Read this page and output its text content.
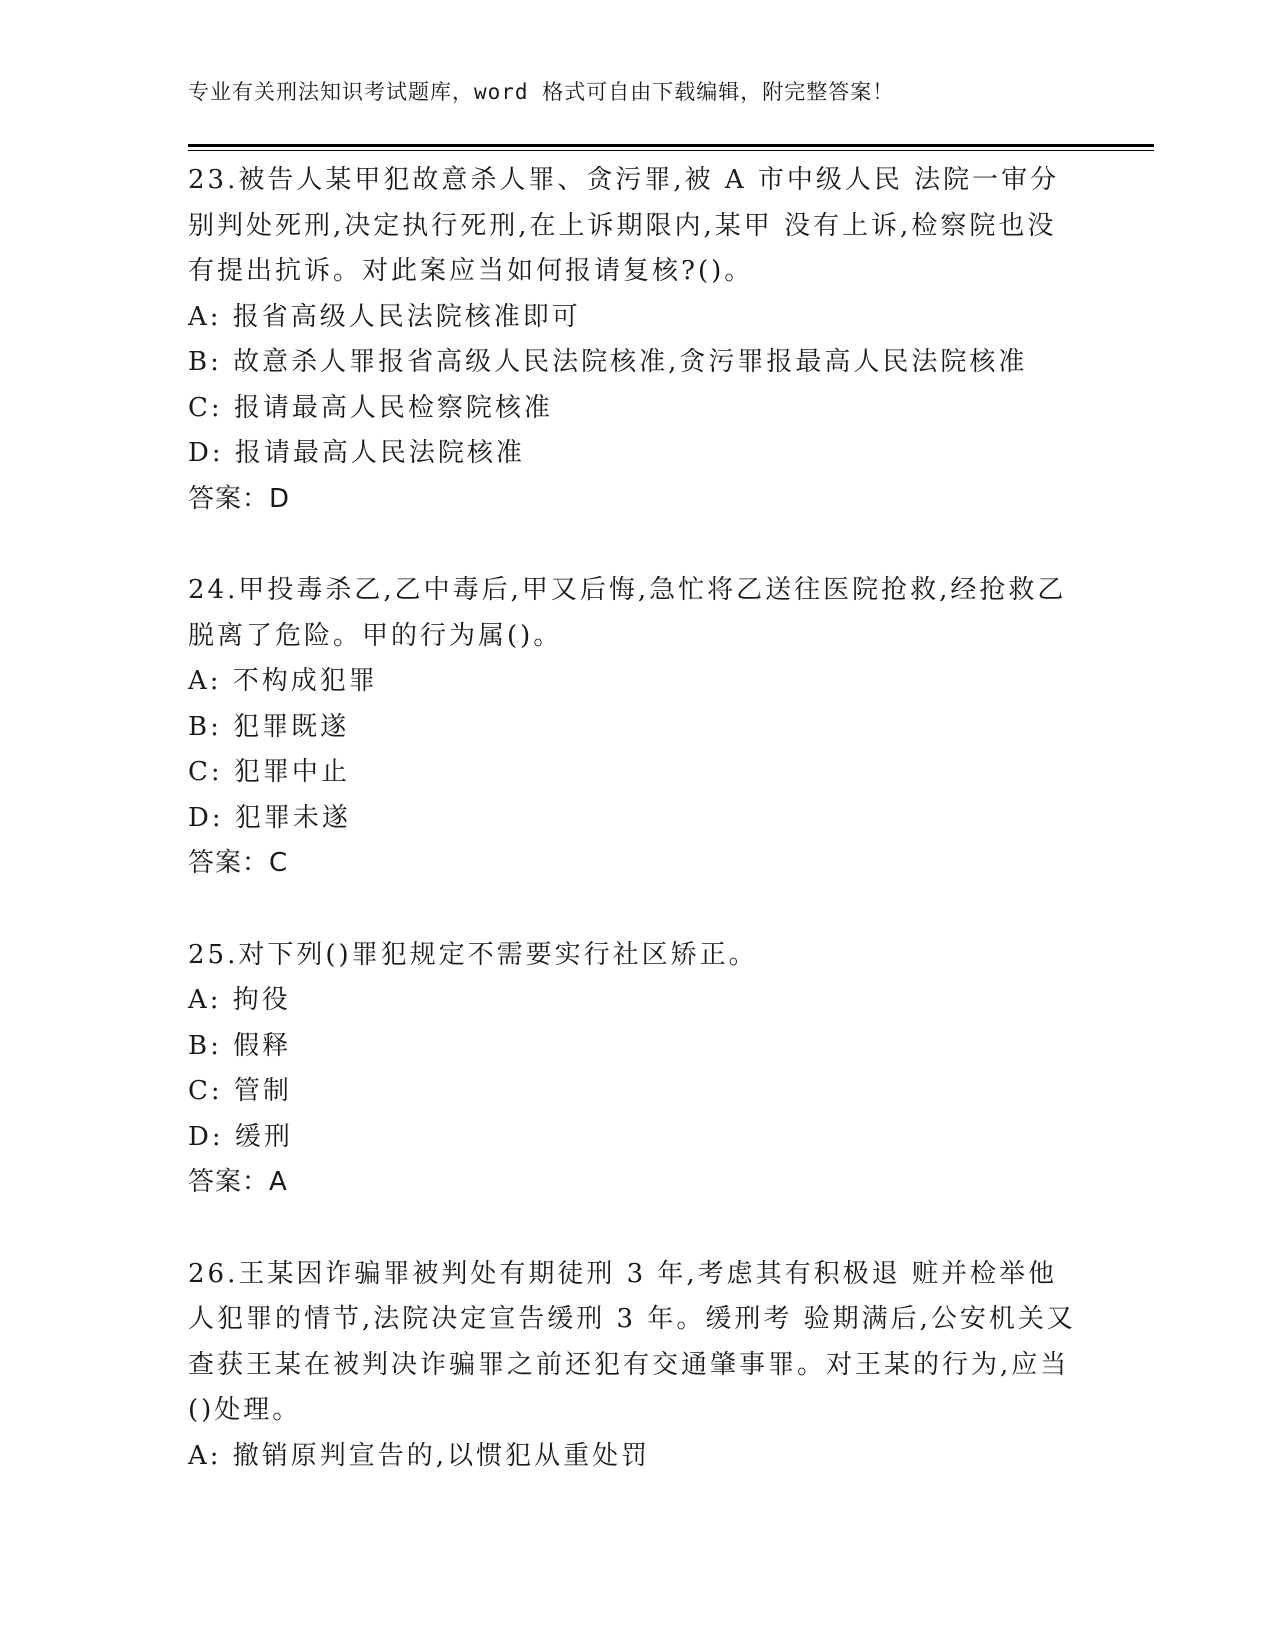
专业有关刑法知识考试题库，word 格式可自由下载编辑，附完整答案！

23.被告人某甲犯故意杀人罪、贪污罪,被 A 市中级人民 法院一审分别判处死刑,决定执行死刑,在上诉期限内,某甲 没有上诉,检察院也没有提出抗诉。对此案应当如何报请复核?()。

A: 报省高级人民法院核准即可

B: 故意杀人罪报省高级人民法院核准,贪污罪报最高人民法院核准

C: 报请最高人民检察院核准

D: 报请最高人民法院核准

答案：D

24.甲投毒杀乙,乙中毒后,甲又后悔,急忙将乙送往医院抢救,经抢救乙脱离了危险。甲的行为属()。

A: 不构成犯罪

B: 犯罪既遂

C: 犯罪中止

D: 犯罪未遂

答案：C

25.对下列()罪犯规定不需要实行社区矫正。

A: 拘役

B: 假释

C: 管制

D: 缓刑

答案：A

26.王某因诈骗罪被判处有期徒刑 3 年,考虑其有积极退 赃并检举他人犯罪的情节,法院决定宣告缓刑 3 年。缓刑考 验期满后,公安机关又查获王某在被判决诈骗罪之前还犯有交通肇事罪。对王某的行为,应当()处理。

A: 撤销原判宣告的,以惯犯从重处罚
